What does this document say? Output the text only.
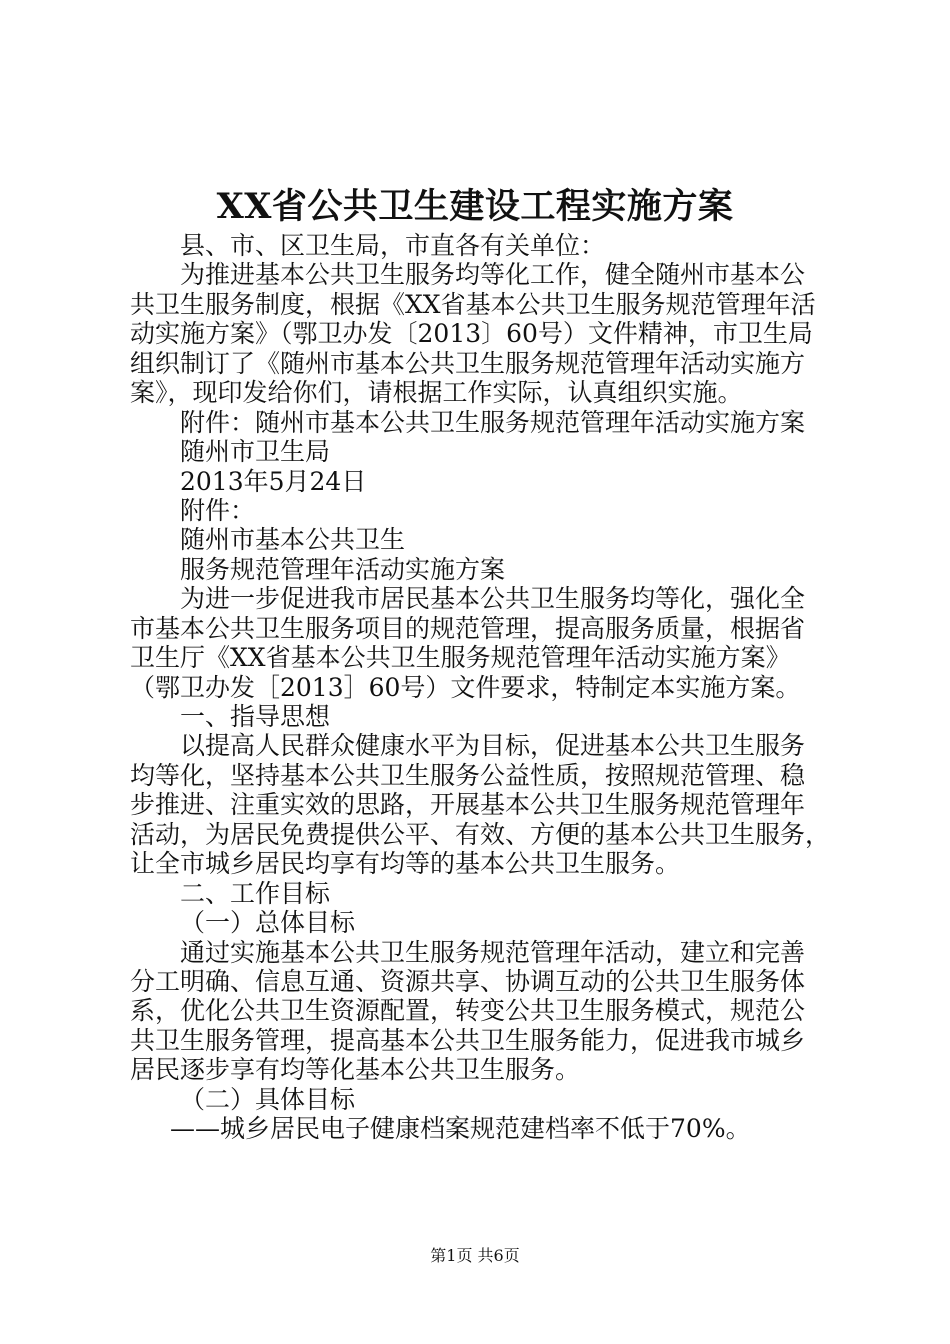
XX省公共卫生建设工程实施方案
县、市、区卫生局，市直各有关单位：
为推进基本公共卫生服务均等化工作，健全随州市基本公
共卫生服务制度，根据《XX省基本公共卫生服务规范管理年活
动实施方案》（鄂卫办发〔2013〕60号）文件精神，市卫生局
组织制订了《随州市基本公共卫生服务规范管理年活动实施方
案》，现印发给你们，请根据工作实际，认真组织实施。
附件：随州市基本公共卫生服务规范管理年活动实施方案
随州市卫生局
2013年5月24日
附件：
随州市基本公共卫生
服务规范管理年活动实施方案
为进一步促进我市居民基本公共卫生服务均等化，强化全
市基本公共卫生服务项目的规范管理，提高服务质量，根据省
卫生厅《XX省基本公共卫生服务规范管理年活动实施方案》
（鄂卫办发［2013］60号）文件要求，特制定本实施方案。
一、指导思想
以提高人民群众健康水平为目标，促进基本公共卫生服务
均等化，坚持基本公共卫生服务公益性质，按照规范管理、稳
步推进、注重实效的思路，开展基本公共卫生服务规范管理年
活动，为居民免费提供公平、有效、方便的基本公共卫生服务，
让全市城乡居民均享有均等的基本公共卫生服务。
二、工作目标
（一）总体目标
通过实施基本公共卫生服务规范管理年活动，建立和完善
分工明确、信息互通、资源共享、协调互动的公共卫生服务体
系，优化公共卫生资源配置，转变公共卫生服务模式，规范公
共卫生服务管理，提高基本公共卫生服务能力，促进我市城乡
居民逐步享有均等化基本公共卫生服务。
（二）具体目标
——城乡居民电子健康档案规范建档率不低于70%。
第1页 共6页
